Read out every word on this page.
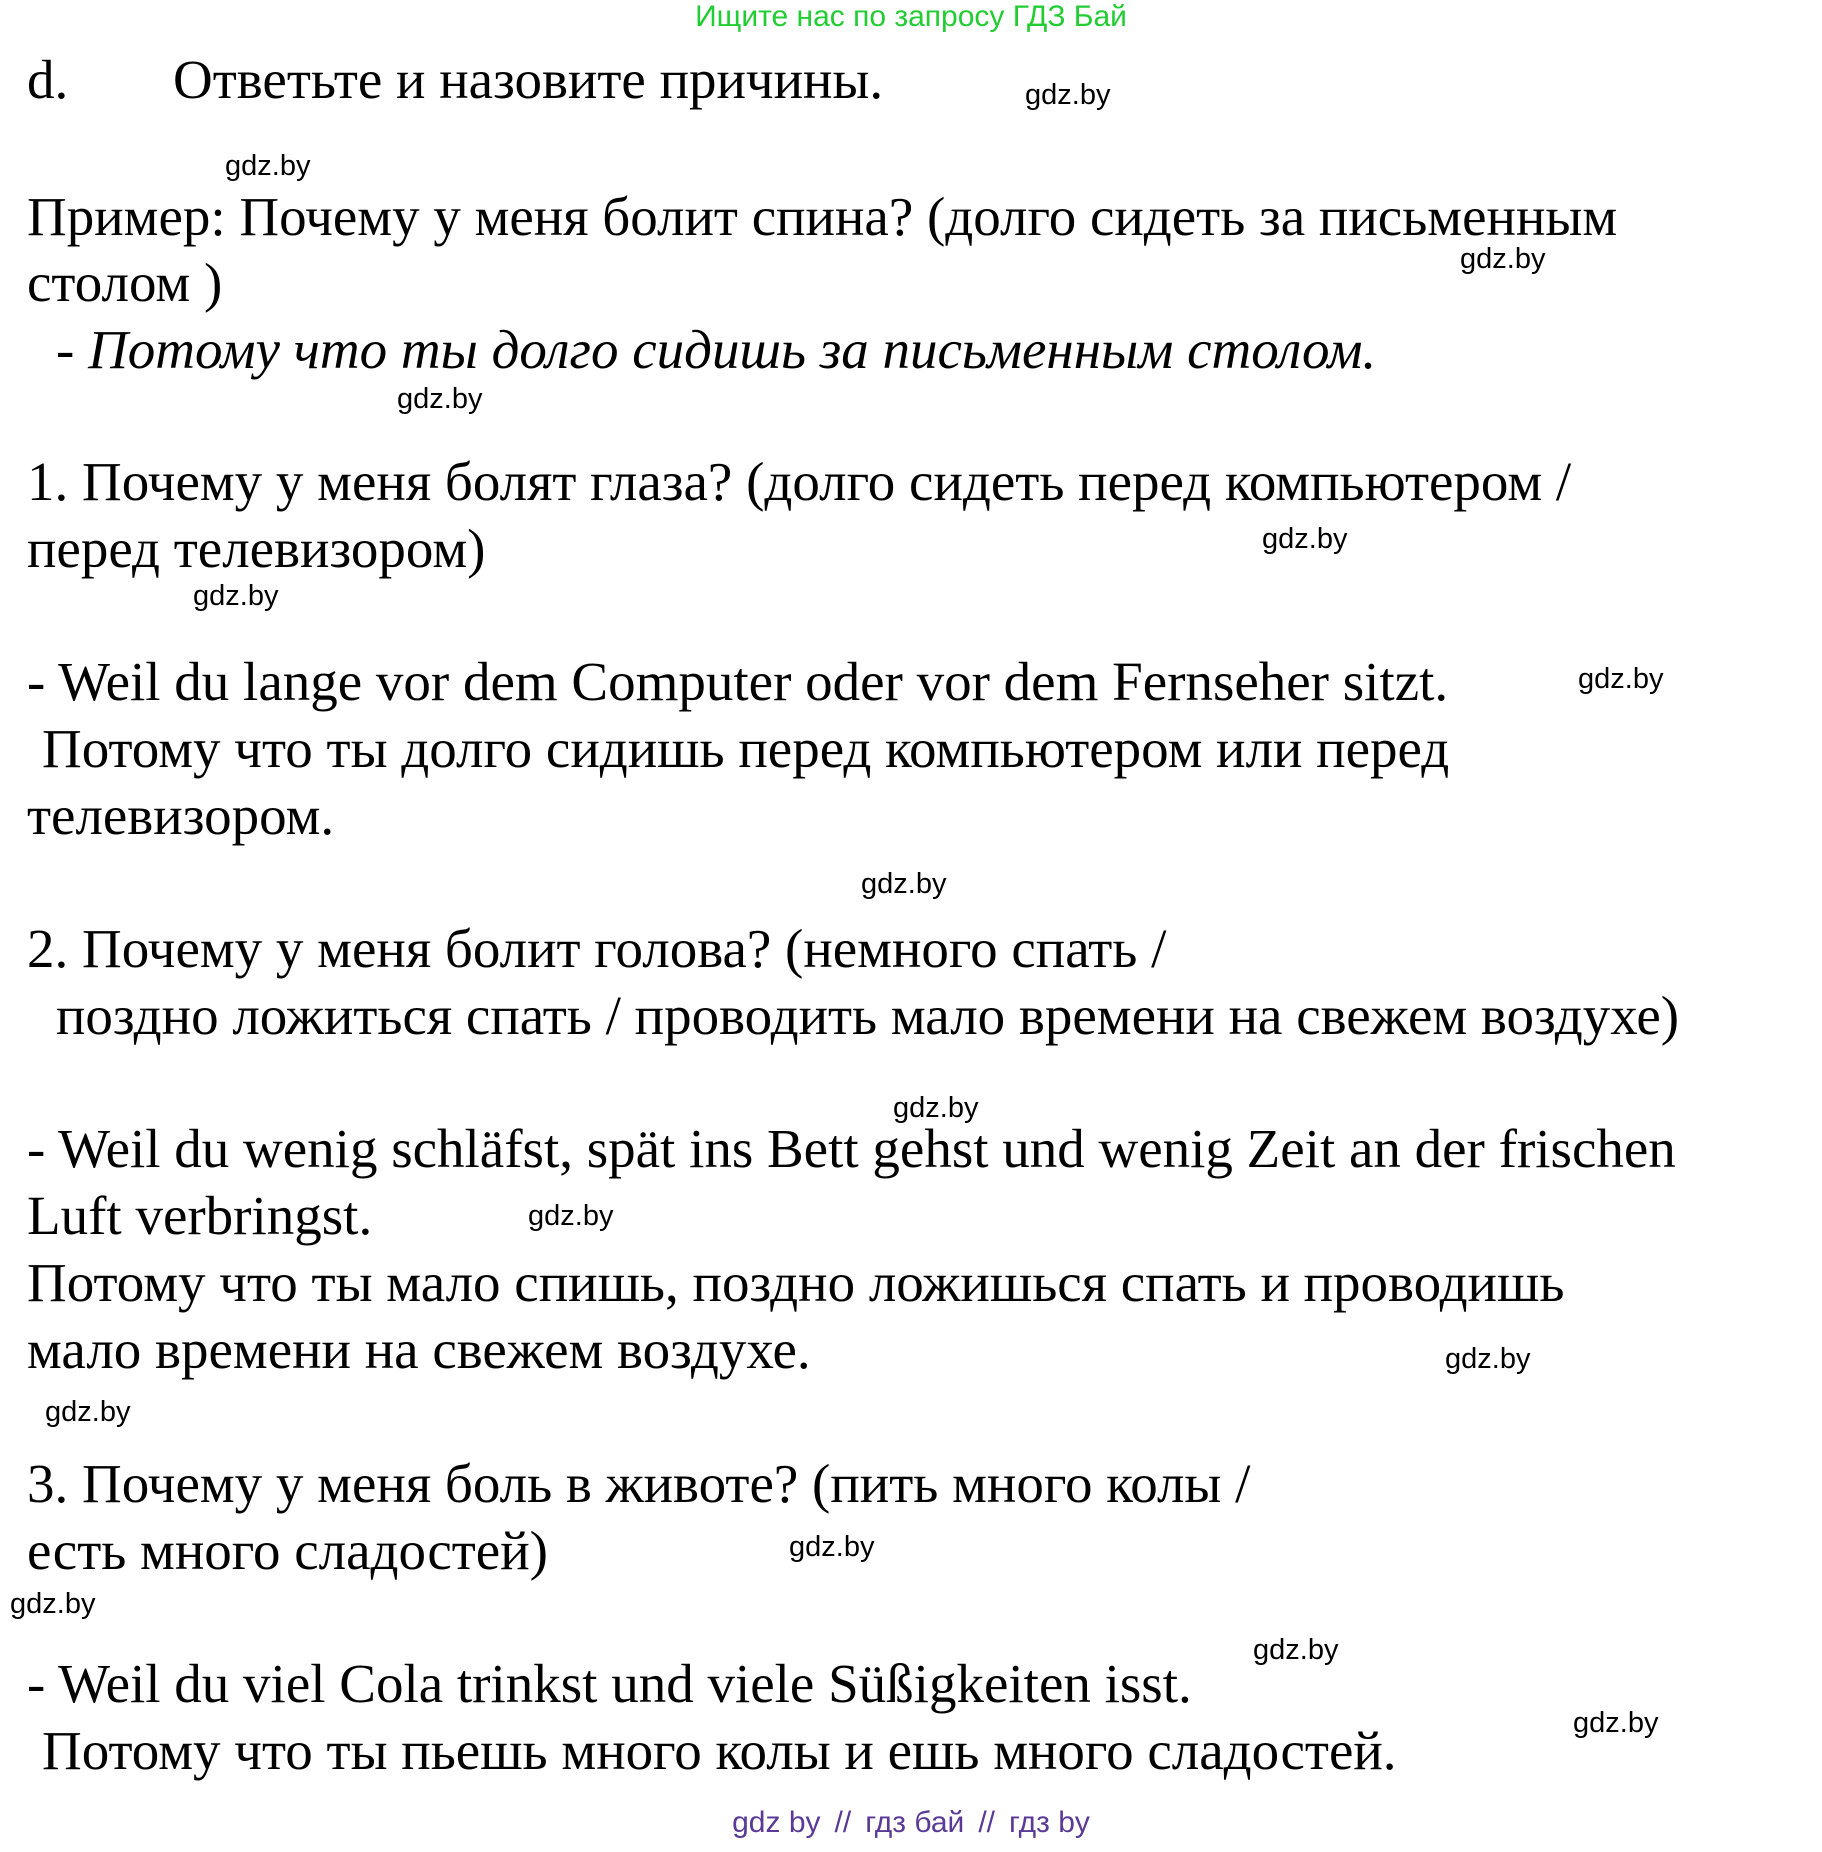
Ищите нас по запросу ГДЗ Бай
d. Ответьте и назовите причины.
Пример: Почему у меня болит спина? (долго сидеть за письменным
столом )
- Потому что ты долго сидишь за письменным столом.
1. Почему у меня болят глаза? (долго сидеть перед компьютером /
перед телевизором)
- Weil du lange vor dem Computer oder vor dem Fernseher sitzt.
Потому что ты долго сидишь перед компьютером или перед
телевизором.
2. Почему у меня болит голова? (немного спать /
поздно ложиться спать / проводить мало времени на свежем воздухе)
- Weil du wenig schläfst, spät ins Bett gehst und wenig Zeit an der frischen
Luft verbringst.
Потому что ты мало спишь, поздно ложишься спать и проводишь
мало времени на свежем воздухе.
3. Почему у меня боль в животе? (пить много колы /
есть много сладостей)
- Weil du viel Cola trinkst und viele Süßigkeiten isst.
Потому что ты пьешь много колы и ешь много сладостей.
gdz.by
gdz.by
gdz.by
gdz.by
gdz.by
gdz.by
gdz.by
gdz.by
gdz.by
gdz.by
gdz.by
gdz.by
gdz.by
gdz.by
gdz.by
gdz.by
gdz by // гдз бай // гдз by
